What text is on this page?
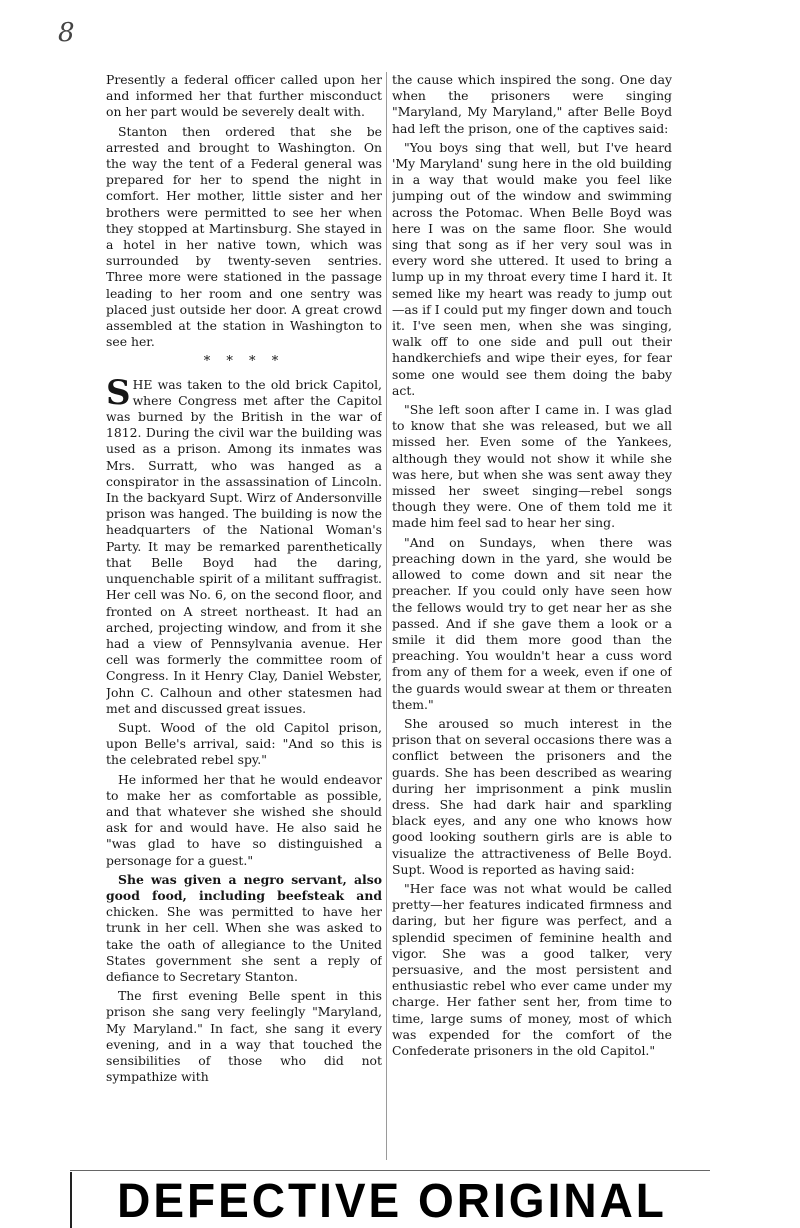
8

Presently a federal officer called upon her and informed her that further misconduct on her part would be severely dealt with.

Stanton then ordered that she be arrested and brought to Washington. On the way the tent of a Federal general was prepared for her to spend the night in comfort. Her mother, little sister and her brothers were permitted to see her when they stopped at Martinsburg. She stayed in a hotel in her native town, which was surrounded by twenty-seven sentries. Three more were stationed in the passage leading to her room and one sentry was placed just outside her door. A great crowd assembled at the station in Washington to see her.

* * * *

SHE was taken to the old brick Capitol, where Congress met after the Capitol was burned by the British in the war of 1812. During the civil war the building was used as a prison. Among its inmates was Mrs. Surratt, who was hanged as a conspirator in the assassination of Lincoln. In the backyard Supt. Wirz of Andersonville prison was hanged. The building is now the headquarters of the National Woman's Party. It may be remarked parenthetically that Belle Boyd had the daring, unquenchable spirit of a militant suffragist. Her cell was No. 6, on the second floor, and fronted on A street northeast. It had an arched, projecting window, and from it she had a view of Pennsylvania avenue. Her cell was formerly the committee room of Congress. In it Henry Clay, Daniel Webster, John C. Calhoun and other statesmen had met and discussed great issues.

Supt. Wood of the old Capitol prison, upon Belle's arrival, said: "And so this is the celebrated rebel spy."

He informed her that he would endeavor to make her as comfortable as possible, and that whatever she wished she should ask for and would have. He also said he "was glad to have so distinguished a personage for a guest."

She was given a negro servant, also good food, including beefsteak and chicken. She was permitted to have her trunk in her cell. When she was asked to take the oath of allegiance to the United States government she sent a reply of defiance to Secretary Stanton.

The first evening Belle spent in this prison she sang very feelingly "Maryland, My Maryland." In fact, she sang it every evening, and in a way that touched the sensibilities of those who did not sympathize with

the cause which inspired the song. One day when the prisoners were singing "Maryland, My Maryland," after Belle Boyd had left the prison, one of the captives said:

"You boys sing that well, but I've heard 'My Maryland' sung here in the old building in a way that would make you feel like jumping out of the window and swimming across the Potomac. When Belle Boyd was here I was on the same floor. She would sing that song as if her very soul was in every word she uttered. It used to bring a lump up in my throat every time I hard it. It semed like my heart was ready to jump out—as if I could put my finger down and touch it. I've seen men, when she was singing, walk off to one side and pull out their handkerchiefs and wipe their eyes, for fear some one would see them doing the baby act.

"She left soon after I came in. I was glad to know that she was released, but we all missed her. Even some of the Yankees, although they would not show it while she was here, but when she was sent away they missed her sweet singing—rebel songs though they were. One of them told me it made him feel sad to hear her sing.

"And on Sundays, when there was preaching down in the yard, she would be allowed to come down and sit near the preacher. If you could only have seen how the fellows would try to get near her as she passed. And if she gave them a look or a smile it did them more good than the preaching. You wouldn't hear a cuss word from any of them for a week, even if one of the guards would swear at them or threaten them."

She aroused so much interest in the prison that on several occasions there was a conflict between the prisoners and the guards. She has been described as wearing during her imprisonment a pink muslin dress. She had dark hair and sparkling black eyes, and any one who knows how good looking southern girls are is able to visualize the attractiveness of Belle Boyd. Supt. Wood is reported as having said:

"Her face was not what would be called pretty—her features indicated firmness and daring, but her figure was perfect, and a splendid specimen of feminine health and vigor. She was a good talker, very persuasive, and the most persistent and enthusiastic rebel who ever came under my charge. Her father sent her, from time to time, large sums of money, most of which was expended for the comfort of the Confederate prisoners in the old Capitol."

DEFECTIVE ORIGINAL
